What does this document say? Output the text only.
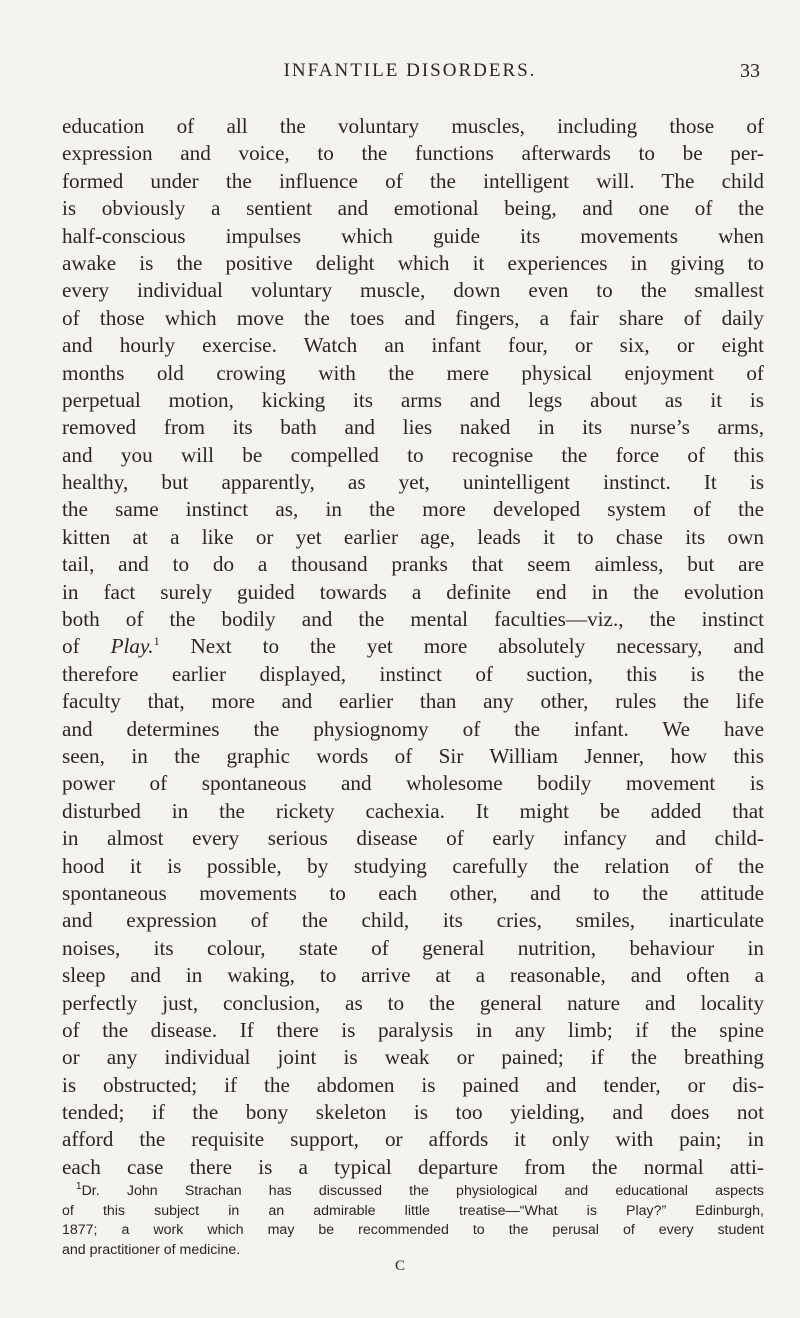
INFANTILE DISORDERS.	33
education of all the voluntary muscles, including those of
expression and voice, to the functions afterwards to be per-
formed under the influence of the intelligent will. The child
is obviously a sentient and emotional being, and one of the
half-conscious impulses which guide its movements when
awake is the positive delight which it experiences in giving to
every individual voluntary muscle, down even to the smallest
of those which move the toes and fingers, a fair share of daily
and hourly exercise. Watch an infant four, or six, or eight
months old crowing with the mere physical enjoyment of
perpetual motion, kicking its arms and legs about as it is
removed from its bath and lies naked in its nurse’s arms,
and you will be compelled to recognise the force of this
healthy, but apparently, as yet, unintelligent instinct. It is
the same instinct as, in the more developed system of the
kitten at a like or yet earlier age, leads it to chase its own
tail, and to do a thousand pranks that seem aimless, but are
in fact surely guided towards a definite end in the evolution
both of the bodily and the mental faculties—viz., the instinct
of Play.$^1$ Next to the yet more absolutely necessary, and
therefore earlier displayed, instinct of suction, this is the
faculty that, more and earlier than any other, rules the life
and determines the physiognomy of the infant. We have
seen, in the graphic words of Sir William Jenner, how this
power of spontaneous and wholesome bodily movement is
disturbed in the rickety cachexia. It might be added that
in almost every serious disease of early infancy and child-
hood it is possible, by studying carefully the relation of the
spontaneous movements to each other, and to the attitude
and expression of the child, its cries, smiles, inarticulate
noises, its colour, state of general nutrition, behaviour in
sleep and in waking, to arrive at a reasonable, and often a
perfectly just, conclusion, as to the general nature and locality
of the disease. If there is paralysis in any limb; if the spine
or any individual joint is weak or pained; if the breathing
is obstructed; if the abdomen is pained and tender, or dis-
tended; if the bony skeleton is too yielding, and does not
afford the requisite support, or affords it only with pain; in
each case there is a typical departure from the normal atti-
$^1$Dr. John Strachan has discussed the physiological and educational aspects
of this subject in an admirable little treatise—“What is Play?” Edinburgh,
1877; a work which may be recommended to the perusal of every student
and practitioner of medicine.
C
